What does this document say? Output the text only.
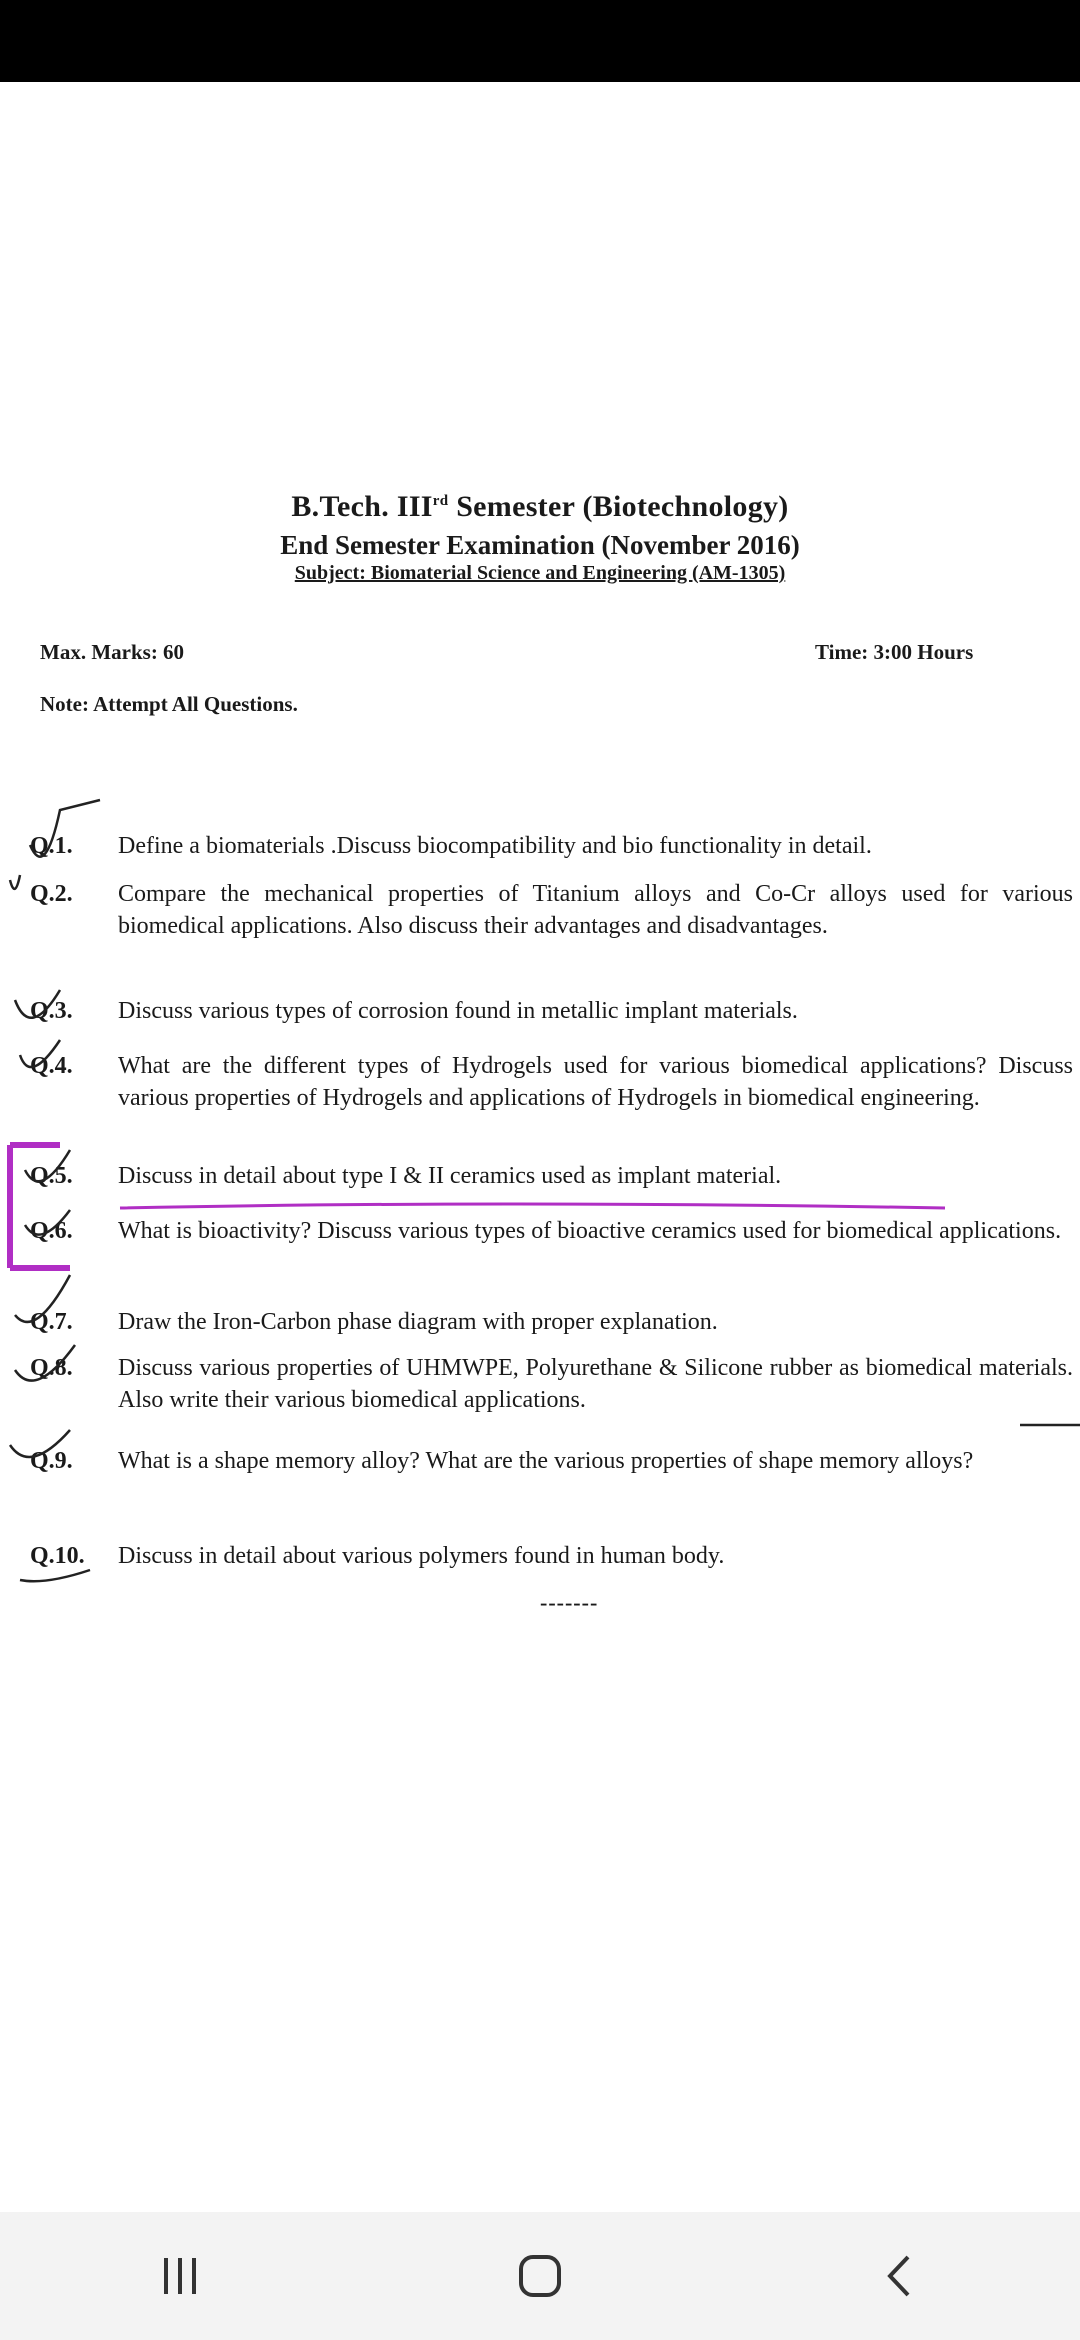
B.Tech. IIIrd Semester (Biotechnology)
End Semester Examination (November 2016)
Subject: Biomaterial Science and Engineering (AM-1305)
Max. Marks: 60	Time: 3:00 Hours
Note: Attempt All Questions.
Q.1.	Define a biomaterials .Discuss biocompatibility and bio functionality in detail.
Q.2.	Compare the mechanical properties of Titanium alloys and Co-Cr alloys used for various biomedical applications. Also discuss their advantages and disadvantages.
Q.3.	Discuss various types of corrosion found in metallic implant materials.
Q.4.	What are the different types of Hydrogels used for various biomedical applications? Discuss various properties of Hydrogels and applications of Hydrogels in biomedical engineering.
Q.5.	Discuss in detail about type I & II ceramics used as implant material.
Q.6.	What is bioactivity? Discuss various types of bioactive ceramics used for biomedical applications.
Q.7.	Draw the Iron-Carbon phase diagram with proper explanation.
Q.8.	Discuss various properties of UHMWPE, Polyurethane & Silicone rubber as biomedical materials. Also write their various biomedical applications.
Q.9.	What is a shape memory alloy? What are the various properties of shape memory alloys?
Q.10.	Discuss in detail about various polymers found in human body.
-------
